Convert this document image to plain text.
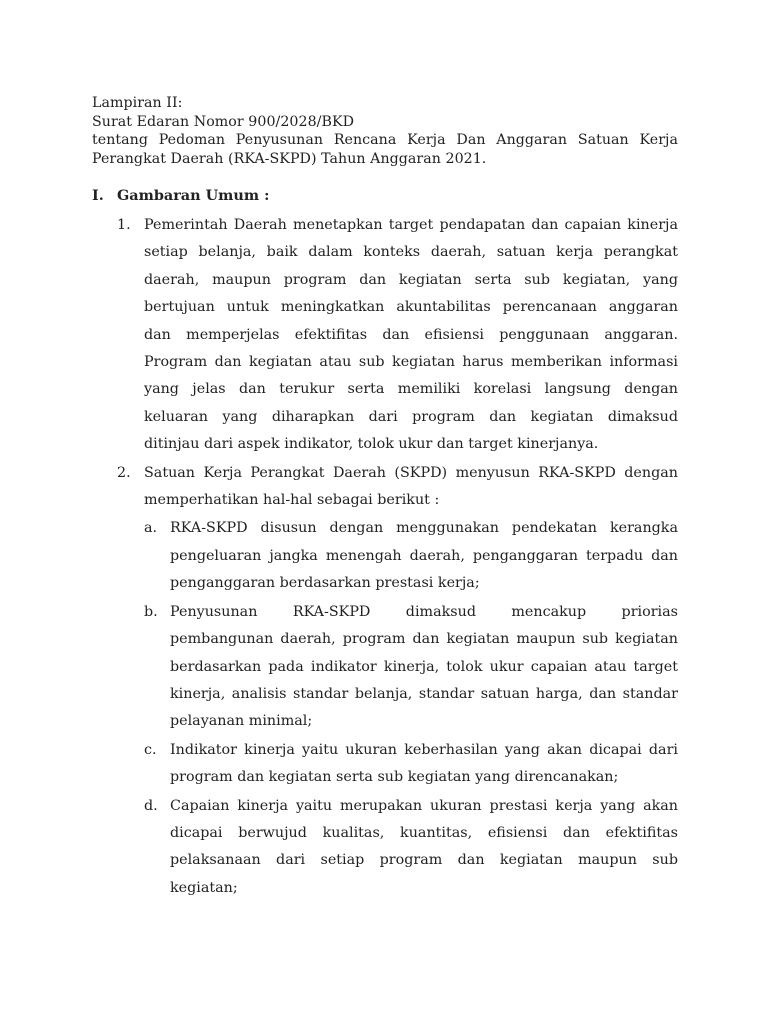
Lampiran II:
Surat Edaran Nomor 900/2028/BKD
tentang Pedoman Penyusunan Rencana Kerja Dan Anggaran Satuan Kerja
Perangkat Daerah (RKA-SKPD) Tahun Anggaran 2021.
I. Gambaran Umum :
1. Pemerintah Daerah menetapkan target pendapatan dan capaian kinerja
setiap belanja, baik dalam konteks daerah, satuan kerja perangkat
daerah, maupun program dan kegiatan serta sub kegiatan, yang
bertujuan untuk meningkatkan akuntabilitas perencanaan anggaran
dan memperjelas efektifitas dan efisiensi penggunaan anggaran.
Program dan kegiatan atau sub kegiatan harus memberikan informasi
yang jelas dan terukur serta memiliki korelasi langsung dengan
keluaran yang diharapkan dari program dan kegiatan dimaksud
ditinjau dari aspek indikator, tolok ukur dan target kinerjanya.
2. Satuan Kerja Perangkat Daerah (SKPD) menyusun RKA-SKPD dengan
memperhatikan hal-hal sebagai berikut :
a. RKA-SKPD disusun dengan menggunakan pendekatan kerangka
pengeluaran jangka menengah daerah, penganggaran terpadu dan
penganggaran berdasarkan prestasi kerja;
b. Penyusunan RKA-SKPD dimaksud mencakup priorias
pembangunan daerah, program dan kegiatan maupun sub kegiatan
berdasarkan pada indikator kinerja, tolok ukur capaian atau target
kinerja, analisis standar belanja, standar satuan harga, dan standar
pelayanan minimal;
c. Indikator kinerja yaitu ukuran keberhasilan yang akan dicapai dari
program dan kegiatan serta sub kegiatan yang direncanakan;
d. Capaian kinerja yaitu merupakan ukuran prestasi kerja yang akan
dicapai berwujud kualitas, kuantitas, efisiensi dan efektifitas
pelaksanaan dari setiap program dan kegiatan maupun sub
kegiatan;
